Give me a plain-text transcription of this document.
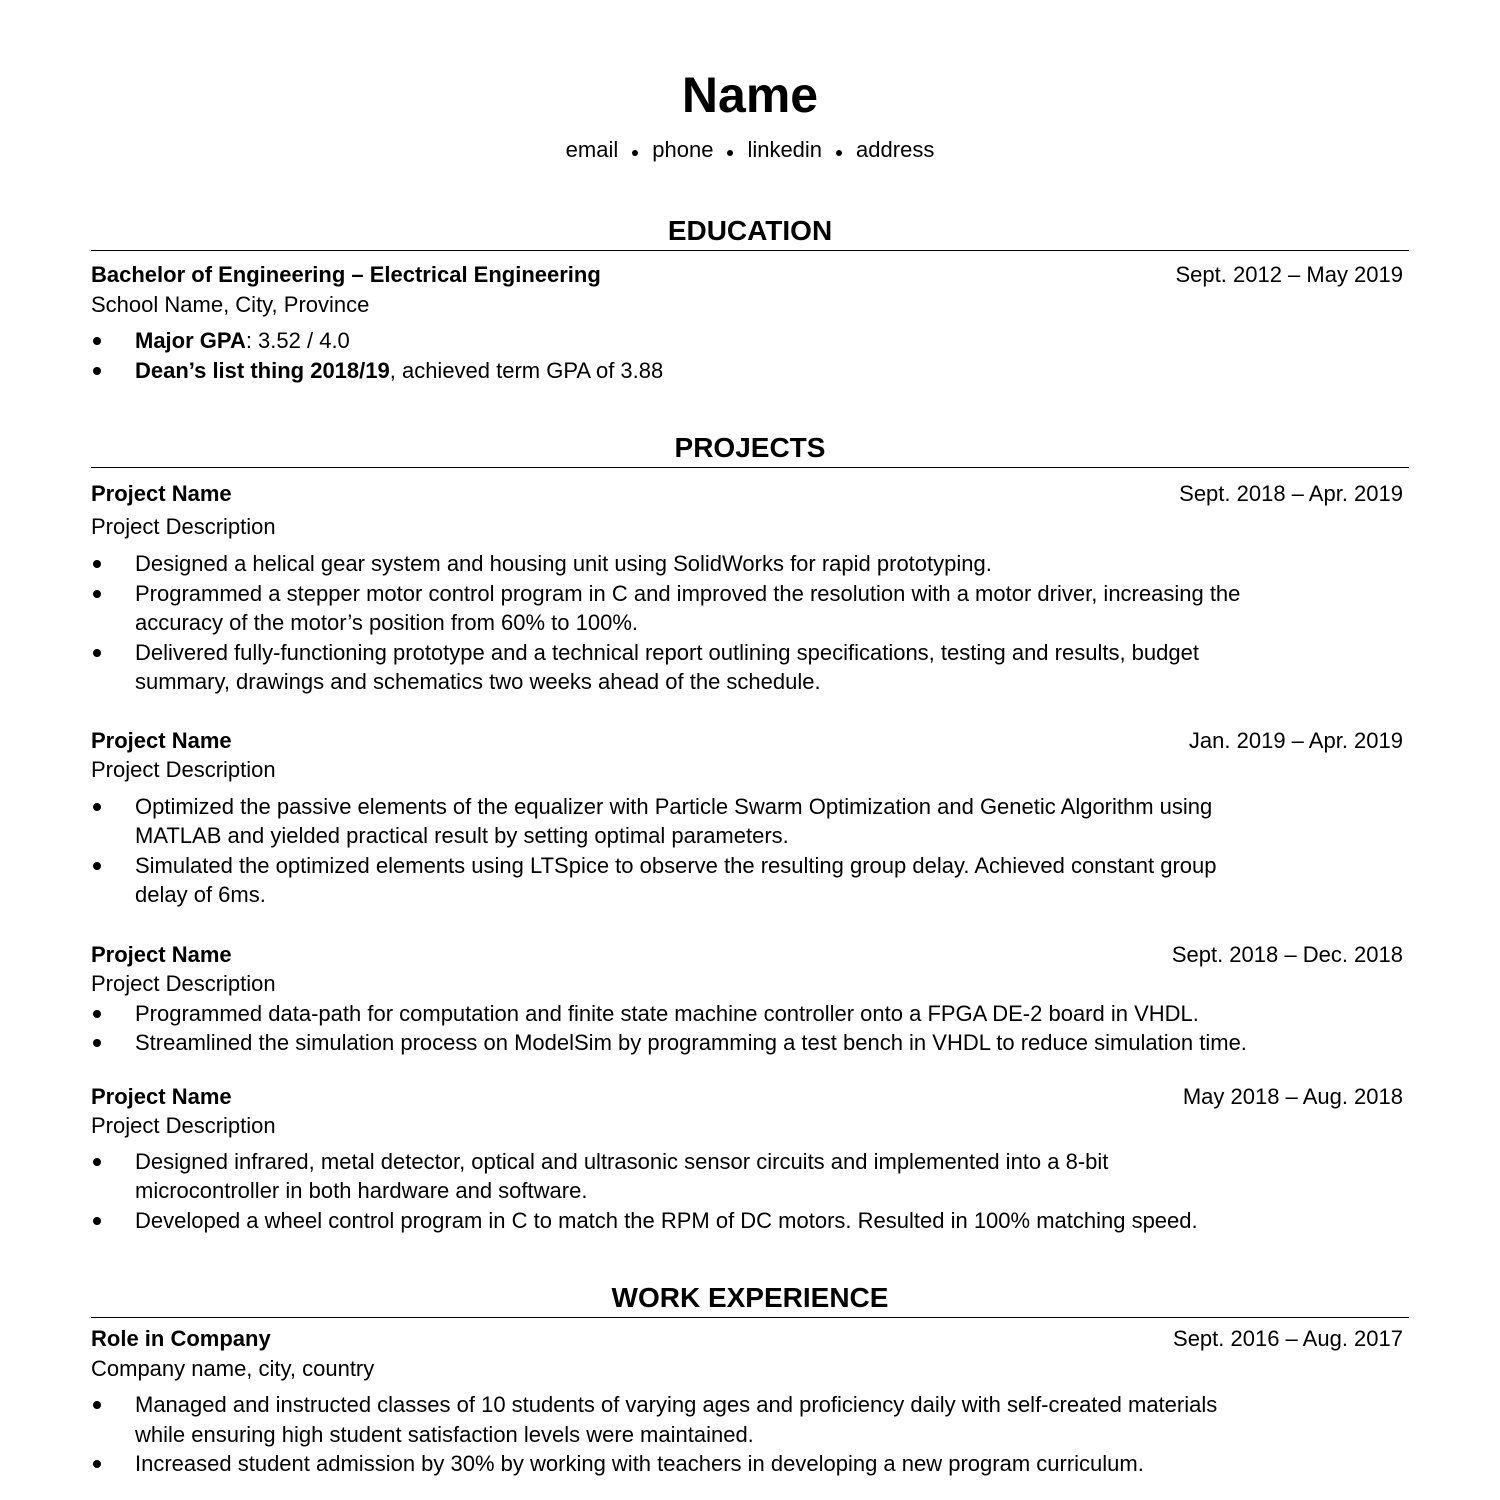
Name
email phone linkedin address
EDUCATION
Bachelor of Engineering – Electrical Engineering	Sept. 2012 – May 2019
School Name, City, Province
Major GPA: 3.52 / 4.0
Dean’s list thing 2018/19, achieved term GPA of 3.88
PROJECTS
Project Name	Sept. 2018 – Apr. 2019
Project Description
Designed a helical gear system and housing unit using SolidWorks for rapid prototyping.
Programmed a stepper motor control program in C and improved the resolution with a motor driver, increasing the
accuracy of the motor’s position from 60% to 100%.
Delivered fully-functioning prototype and a technical report outlining specifications, testing and results, budget
summary, drawings and schematics two weeks ahead of the schedule.
Project Name	Jan. 2019 – Apr. 2019
Project Description
Optimized the passive elements of the equalizer with Particle Swarm Optimization and Genetic Algorithm using
MATLAB and yielded practical result by setting optimal parameters.
Simulated the optimized elements using LTSpice to observe the resulting group delay. Achieved constant group
delay of 6ms.
Project Name	Sept. 2018 – Dec. 2018
Project Description
Programmed data-path for computation and finite state machine controller onto a FPGA DE-2 board in VHDL.
Streamlined the simulation process on ModelSim by programming a test bench in VHDL to reduce simulation time.
Project Name	May 2018 – Aug. 2018
Project Description
Designed infrared, metal detector, optical and ultrasonic sensor circuits and implemented into a 8-bit
microcontroller in both hardware and software.
Developed a wheel control program in C to match the RPM of DC motors. Resulted in 100% matching speed.
WORK EXPERIENCE
Role in Company	Sept. 2016 – Aug. 2017
Company name, city, country
Managed and instructed classes of 10 students of varying ages and proficiency daily with self-created materials
while ensuring high student satisfaction levels were maintained.
Increased student admission by 30% by working with teachers in developing a new program curriculum.
